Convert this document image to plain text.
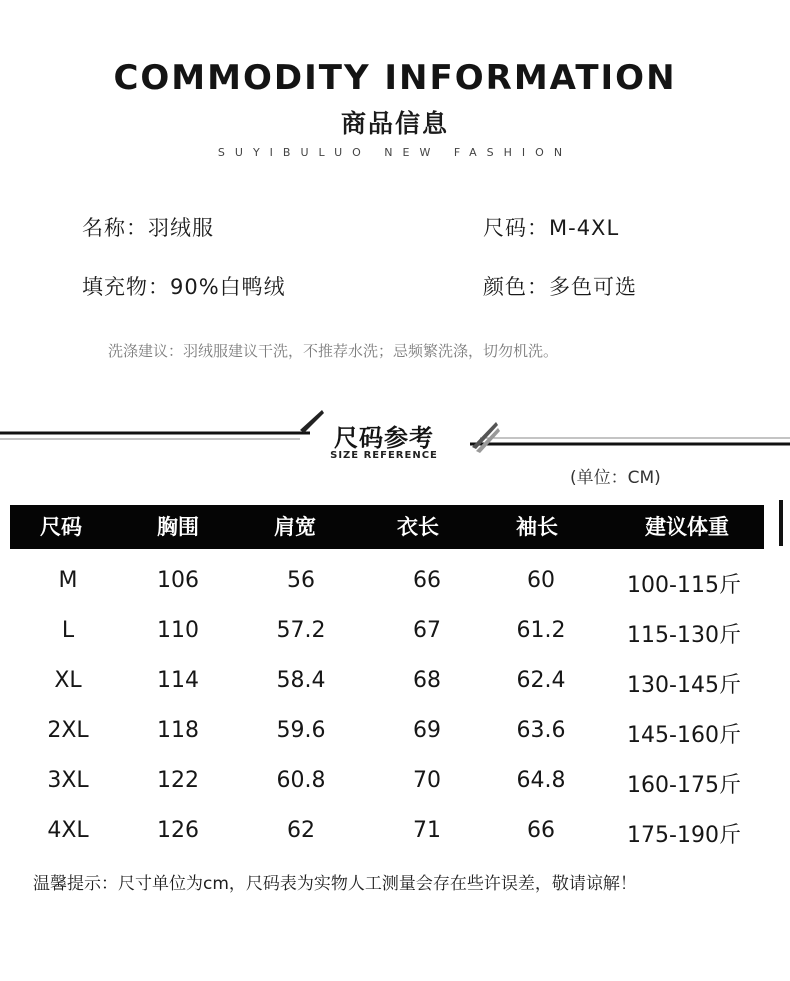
COMMODITY INFORMATION
商品信息
SUYIBULUO NEW FASHION
名称：羽绒服	尺码：M-4XL
填充物：90%白鸭绒	颜色：多色可选
洗涤建议：羽绒服建议干洗，不推荐水洗；忌频繁洗涤，切勿机洗。
尺码参考
SIZE REFERENCE
(单位：CM)
尺码	胸围	肩宽	衣长	袖长	建议体重
M	106	56	66	60	100-115斤
L	110	57.2	67	61.2	115-130斤
XL	114	58.4	68	62.4	130-145斤
2XL	118	59.6	69	63.6	145-160斤
3XL	122	60.8	70	64.8	160-175斤
4XL	126	62	71	66	175-190斤
温馨提示：尺寸单位为cm，尺码表为实物人工测量会存在些许误差，敬请谅解！
